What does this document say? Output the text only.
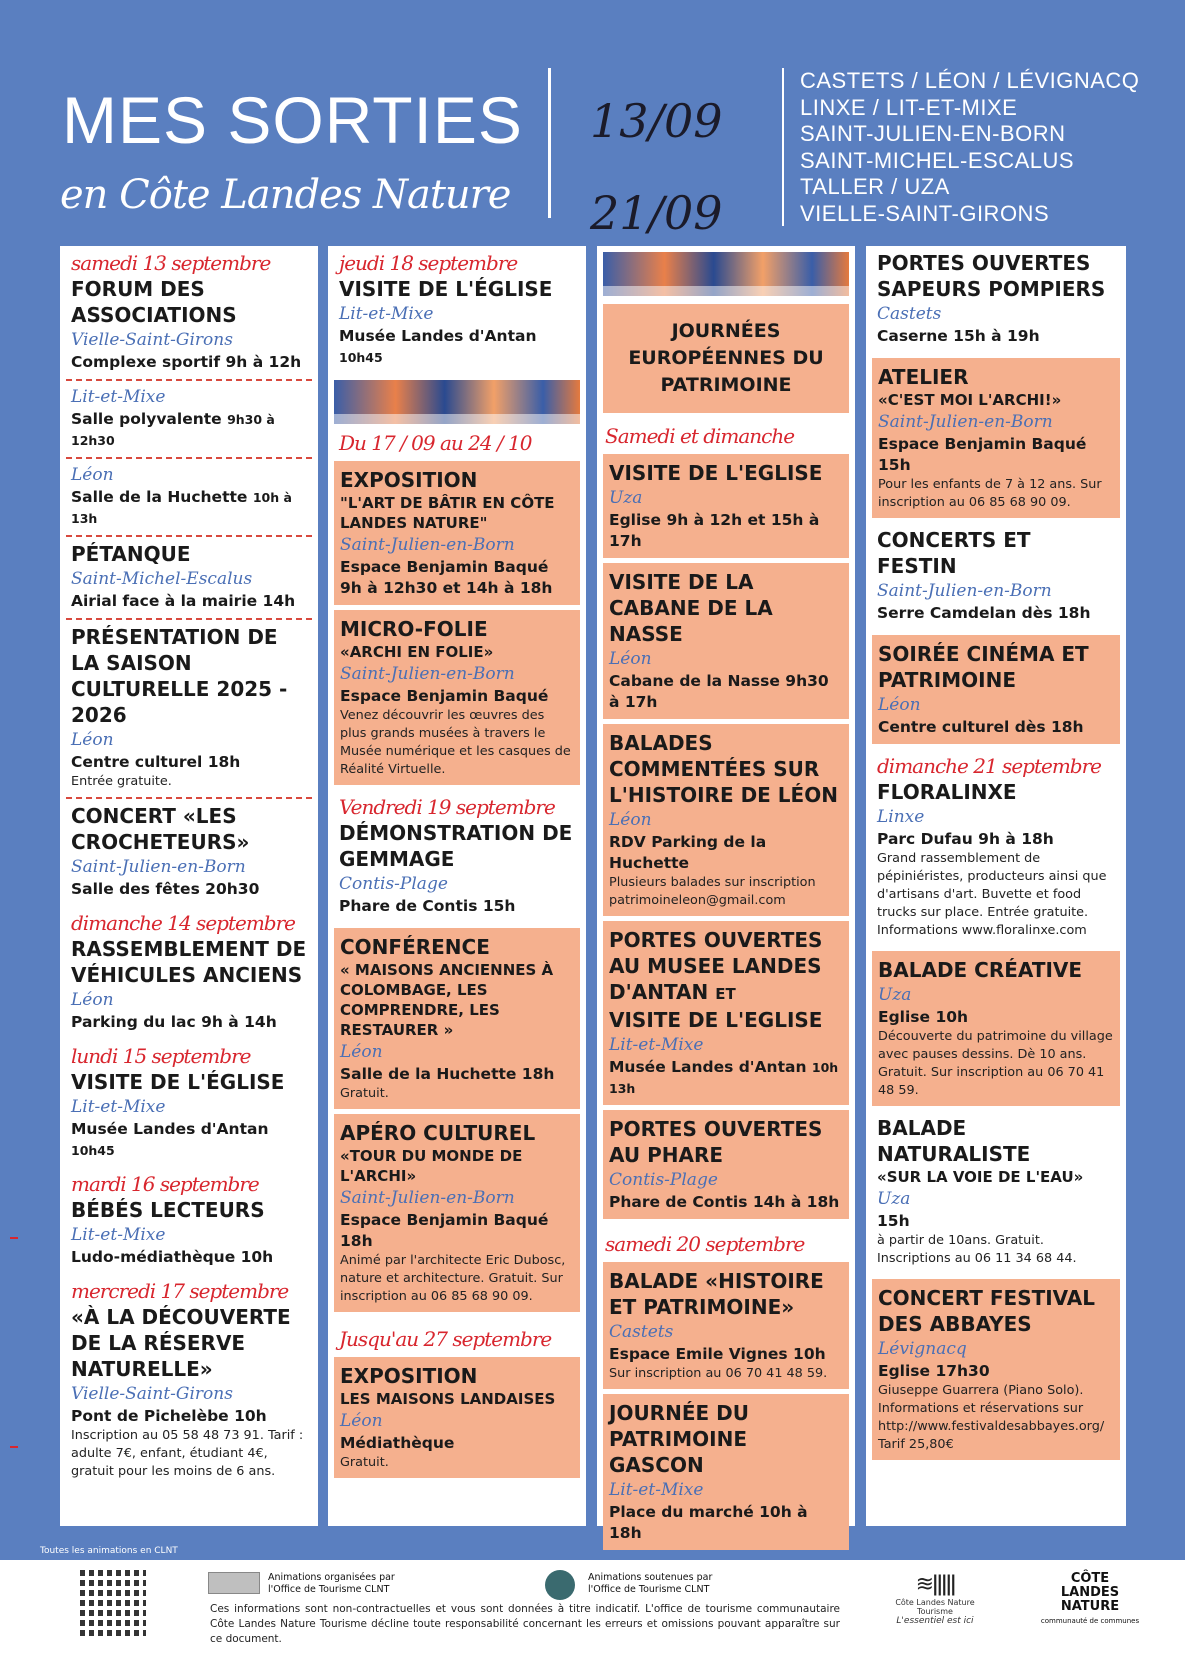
MES SORTIES
en Côte Landes Nature
13/09
21/09
CASTETS / LÉON / LÉVIGNACQ
LINXE / LIT-ET-MIXE
SAINT-JULIEN-EN-BORN
SAINT-MICHEL-ESCALUS
TALLER / UZA
VIELLE-SAINT-GIRONS
samedi 13 septembre
FORUM DES ASSOCIATIONS
Vielle-Saint-Girons
Complexe sportif 9h à 12h
Lit-et-Mixe
Salle polyvalente 9h30 à 12h30
Léon
Salle de la Huchette 10h à 13h
PÉTANQUE
Saint-Michel-Escalus
Airial face à la mairie 14h
PRÉSENTATION DE LA SAISON CULTURELLE 2025 - 2026
Léon
Centre culturel 18h
Entrée gratuite.
CONCERT «LES CROCHETEURS»
Saint-Julien-en-Born
Salle des fêtes 20h30
dimanche 14 septembre
RASSEMBLEMENT DE VÉHICULES ANCIENS
Léon
Parking du lac 9h à 14h
lundi 15 septembre
VISITE DE L'ÉGLISE
Lit-et-Mixe
Musée Landes d'Antan 10h45
mardi 16 septembre
BÉBÉS LECTEURS
Lit-et-Mixe
Ludo-médiathèque 10h
mercredi 17 septembre
«À LA DÉCOUVERTE DE LA RÉSERVE NATURELLE»
Vielle-Saint-Girons
Pont de Pichelèbe 10h
Inscription au 05 58 48 73 91. Tarif : adulte 7€, enfant, étudiant 4€, gratuit pour les moins de 6 ans.
jeudi 18 septembre
VISITE DE L'ÉGLISE
Lit-et-Mixe
Musée Landes d'Antan 10h45
Du 17 / 09 au 24 / 10
EXPOSITION
"L'ART DE BÂTIR EN CÔTE LANDES NATURE"
Saint-Julien-en-Born
Espace Benjamin Baqué 9h à 12h30 et 14h à 18h
MICRO-FOLIE
«ARCHI EN FOLIE»
Saint-Julien-en-Born
Espace Benjamin Baqué
Venez découvrir les œuvres des plus grands musées à travers le Musée numérique et les casques de Réalité Virtuelle.
Vendredi 19 septembre
DÉMONSTRATION DE GEMMAGE
Contis-Plage
Phare de Contis 15h
CONFÉRENCE
« MAISONS ANCIENNES À COLOMBAGE, LES COMPRENDRE, LES RESTAURER »
Léon
Salle de la Huchette 18h
Gratuit.
APÉRO CULTUREL
«TOUR DU MONDE DE L'ARCHI»
Saint-Julien-en-Born
Espace Benjamin Baqué 18h
Animé par l'architecte Eric Dubosc, nature et architecture. Gratuit. Sur inscription au 06 85 68 90 09.
Jusqu'au 27 septembre
EXPOSITION
LES MAISONS LANDAISES
Léon
Médiathèque
Gratuit.
JOURNÉES EUROPÉENNES DU PATRIMOINE
Samedi et dimanche
VISITE DE L'EGLISE
Uza
Eglise 9h à 12h et 15h à 17h
VISITE DE LA CABANE DE LA NASSE
Léon
Cabane de la Nasse 9h30 à 17h
BALADES COMMENTÉES SUR L'HISTOIRE DE LÉON
Léon
RDV Parking de la Huchette
Plusieurs balades sur inscription
patrimoineleon@gmail.com
PORTES OUVERTES AU MUSEE LANDES D'ANTAN ET
VISITE DE L'EGLISE
Lit-et-Mixe
Musée Landes d'Antan 10h 13h
PORTES OUVERTES AU PHARE
Contis-Plage
Phare de Contis 14h à 18h
samedi 20 septembre
BALADE «HISTOIRE ET PATRIMOINE»
Castets
Espace Emile Vignes 10h
Sur inscription au 06 70 41 48 59.
JOURNÉE DU PATRIMOINE GASCON
Lit-et-Mixe
Place du marché 10h à 18h
PORTES OUVERTES SAPEURS POMPIERS
Castets
Caserne 15h à 19h
ATELIER
«C'EST MOI L'ARCHI!»
Saint-Julien-en-Born
Espace Benjamin Baqué 15h
Pour les enfants de 7 à 12 ans. Sur inscription au 06 85 68 90 09.
CONCERTS ET FESTIN
Saint-Julien-en-Born
Serre Camdelan dès 18h
SOIRÉE CINÉMA ET PATRIMOINE
Léon
Centre culturel dès 18h
dimanche 21 septembre
FLORALINXE
Linxe
Parc Dufau 9h à 18h
Grand rassemblement de pépiniéristes, producteurs ainsi que d'artisans d'art. Buvette et food trucks sur place. Entrée gratuite. Informations www.floralinxe.com
BALADE CRÉATIVE
Uza
Eglise 10h
Découverte du patrimoine du village avec pauses dessins. Dè 10 ans. Gratuit. Sur inscription au 06 70 41 48 59.
BALADE NATURALISTE
«SUR LA VOIE DE L'EAU»
Uza
15h
à partir de 10ans. Gratuit. Inscriptions au 06 11 34 68 44.
CONCERT FESTIVAL DES ABBAYES
Lévignacq
Eglise 17h30
Giuseppe Guarrera (Piano Solo). Informations et réservations sur http://www.festivaldesabbayes.org/ Tarif 25,80€
Toutes les animations en CLNT
Animations organisées par l'Office de Tourisme CLNT
Animations soutenues par l'Office de Tourisme CLNT
Ces informations sont non-contractuelles et vous sont données à titre indicatif. L'office de tourisme communautaire Côte Landes Nature Tourisme décline toute responsabilité concernant les erreurs et omissions pouvant apparaître sur ce document.
≋ǀǀǀǀǀ
Côte Landes Nature Tourisme
L'essentiel est ici
CÔTE LANDES NATURE
communauté de communes
